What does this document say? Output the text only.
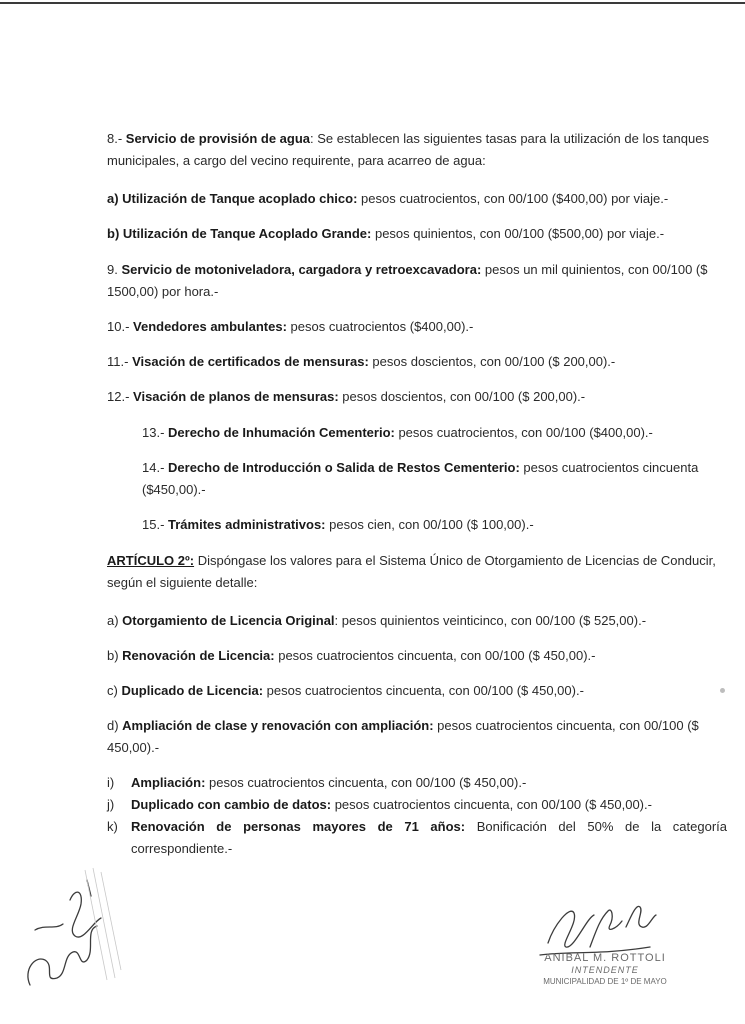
8.- Servicio de provisión de agua: Se establecen las siguientes tasas para la utilización de los tanques municipales, a cargo del vecino requirente, para acarreo de agua:

a) Utilización de Tanque acoplado chico: pesos cuatrocientos, con 00/100 ($400,00) por viaje.-

b) Utilización de Tanque Acoplado Grande: pesos quinientos, con 00/100 ($500,00) por viaje.-

9. Servicio de motoniveladora, cargadora y retroexcavadora: pesos un mil quinientos, con 00/100 ($ 1500,00) por hora.-

10.- Vendedores ambulantes: pesos cuatrocientos ($400,00).-

11.- Visación de certificados de mensuras: pesos doscientos, con 00/100 ($ 200,00).-

12.- Visación de planos de mensuras: pesos doscientos, con 00/100 ($ 200,00).-

13.- Derecho de Inhumación Cementerio: pesos cuatrocientos, con 00/100 ($400,00).-

14.- Derecho de Introducción o Salida de Restos Cementerio: pesos cuatrocientos cincuenta ($450,00).-

15.- Trámites administrativos: pesos cien, con 00/100 ($ 100,00).-

ARTÍCULO 2º: Dispóngase los valores para el Sistema Único de Otorgamiento de Licencias de Conducir, según el siguiente detalle:

a) Otorgamiento de Licencia Original: pesos quinientos veinticinco, con 00/100 ($ 525,00).-

b) Renovación de Licencia: pesos cuatrocientos cincuenta, con 00/100 ($ 450,00).-

c) Duplicado de Licencia: pesos cuatrocientos cincuenta, con 00/100 ($ 450,00).-

d) Ampliación de clase y renovación con ampliación: pesos cuatrocientos cincuenta, con 00/100 ($ 450,00).-

i) Ampliación: pesos cuatrocientos cincuenta, con 00/100 ($ 450,00).-
j) Duplicado con cambio de datos: pesos cuatrocientos cincuenta, con 00/100 ($ 450,00).-
k) Renovación de personas mayores de 71 años: Bonificación del 50% de la categoría correspondiente.-
ANIBAL M. ROTTOLI
INTENDENTE
MUNICIPALIDAD DE 1º DE MAYO
